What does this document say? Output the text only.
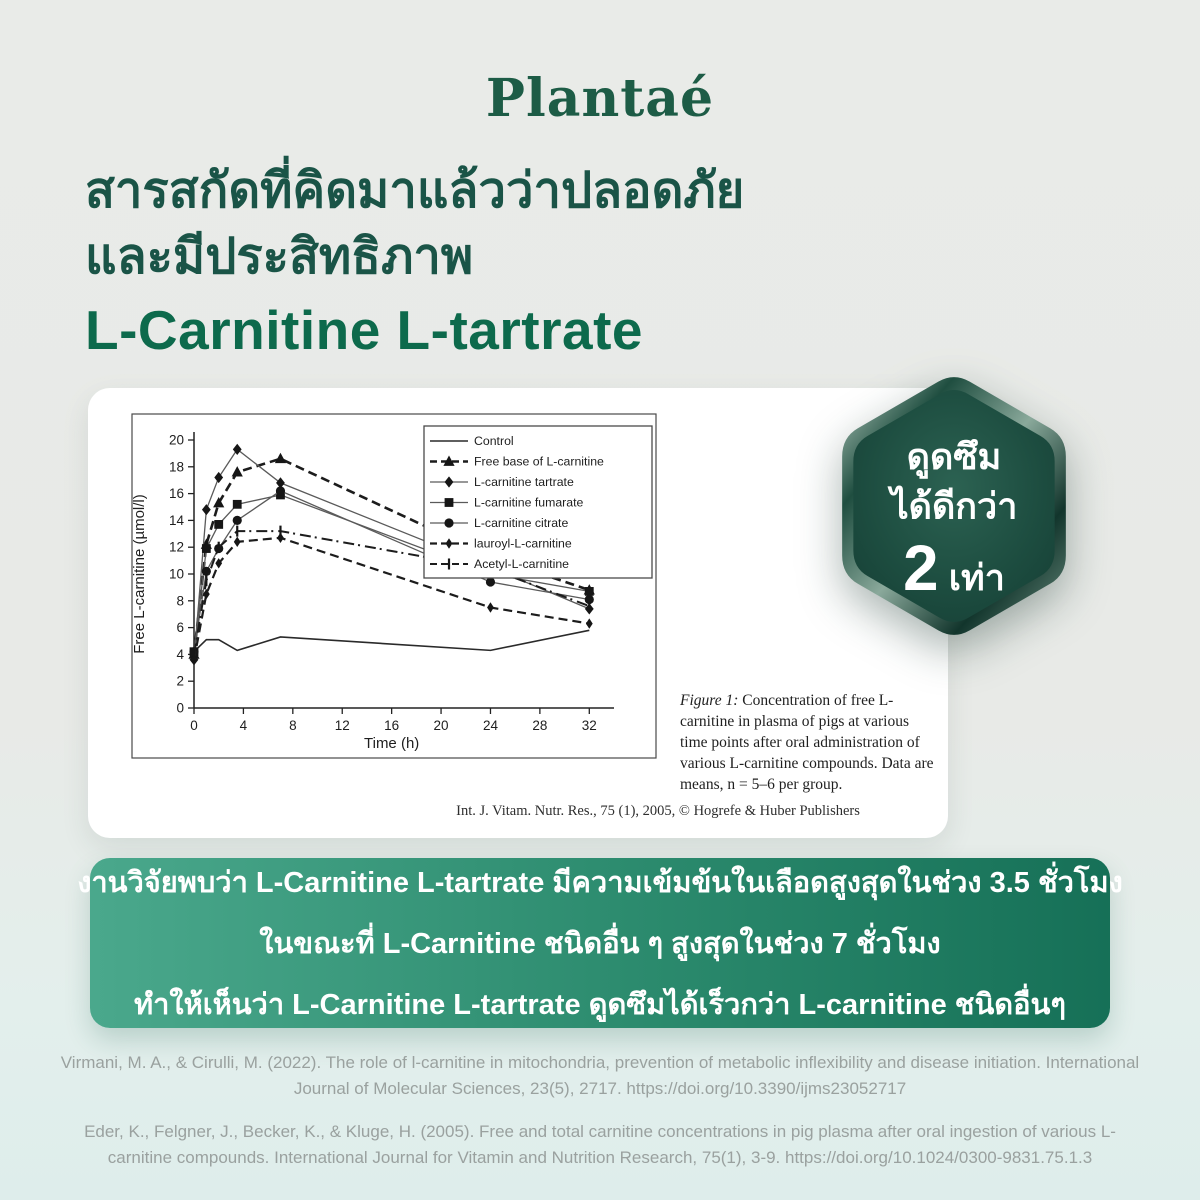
Plantaé

สารสกัดที่คิดมาแล้วว่าปลอดภัย

และมีประสิทธิภาพ

L-Carnitine L-tartrate

0
2
4
6
8
10
12
14
16
18
20
0	4	8	12	16	20	24	28	32
Time (h)
Free L-carnitine (µmol/l)
Control
Free base of L-carnitine
L-carnitine tartrate
L-carnitine fumarate
L-carnitine citrate
lauroyl-L-carnitine
Acetyl-L-carnitine

Figure 1: Concentration of free L-carnitine in plasma of pigs at various time points after oral administration of various L-carnitine compounds. Data are means, n = 5–6 per group.

Int. J. Vitam. Nutr. Res., 75 (1), 2005, © Hogrefe & Huber Publishers

ดูดซึม
ได้ดีกว่า
2 เท่า

งานวิจัยพบว่า L-Carnitine L-tartrate มีความเข้มข้นในเลือดสูงสุดในช่วง 3.5 ชั่วโมง

ในขณะที่ L-Carnitine ชนิดอื่น ๆ สูงสุดในช่วง 7 ชั่วโมง

ทำให้เห็นว่า L-Carnitine L-tartrate ดูดซึมได้เร็วกว่า L-carnitine ชนิดอื่นๆ

Virmani, M. A., & Cirulli, M. (2022). The role of l-carnitine in mitochondria, prevention of metabolic inflexibility and disease initiation. International Journal of Molecular Sciences, 23(5), 2717. https://doi.org/10.3390/ijms23052717

Eder, K., Felgner, J., Becker, K., & Kluge, H. (2005). Free and total carnitine concentrations in pig plasma after oral ingestion of various L-carnitine compounds. International Journal for Vitamin and Nutrition Research, 75(1), 3-9. https://doi.org/10.1024/0300-9831.75.1.3
